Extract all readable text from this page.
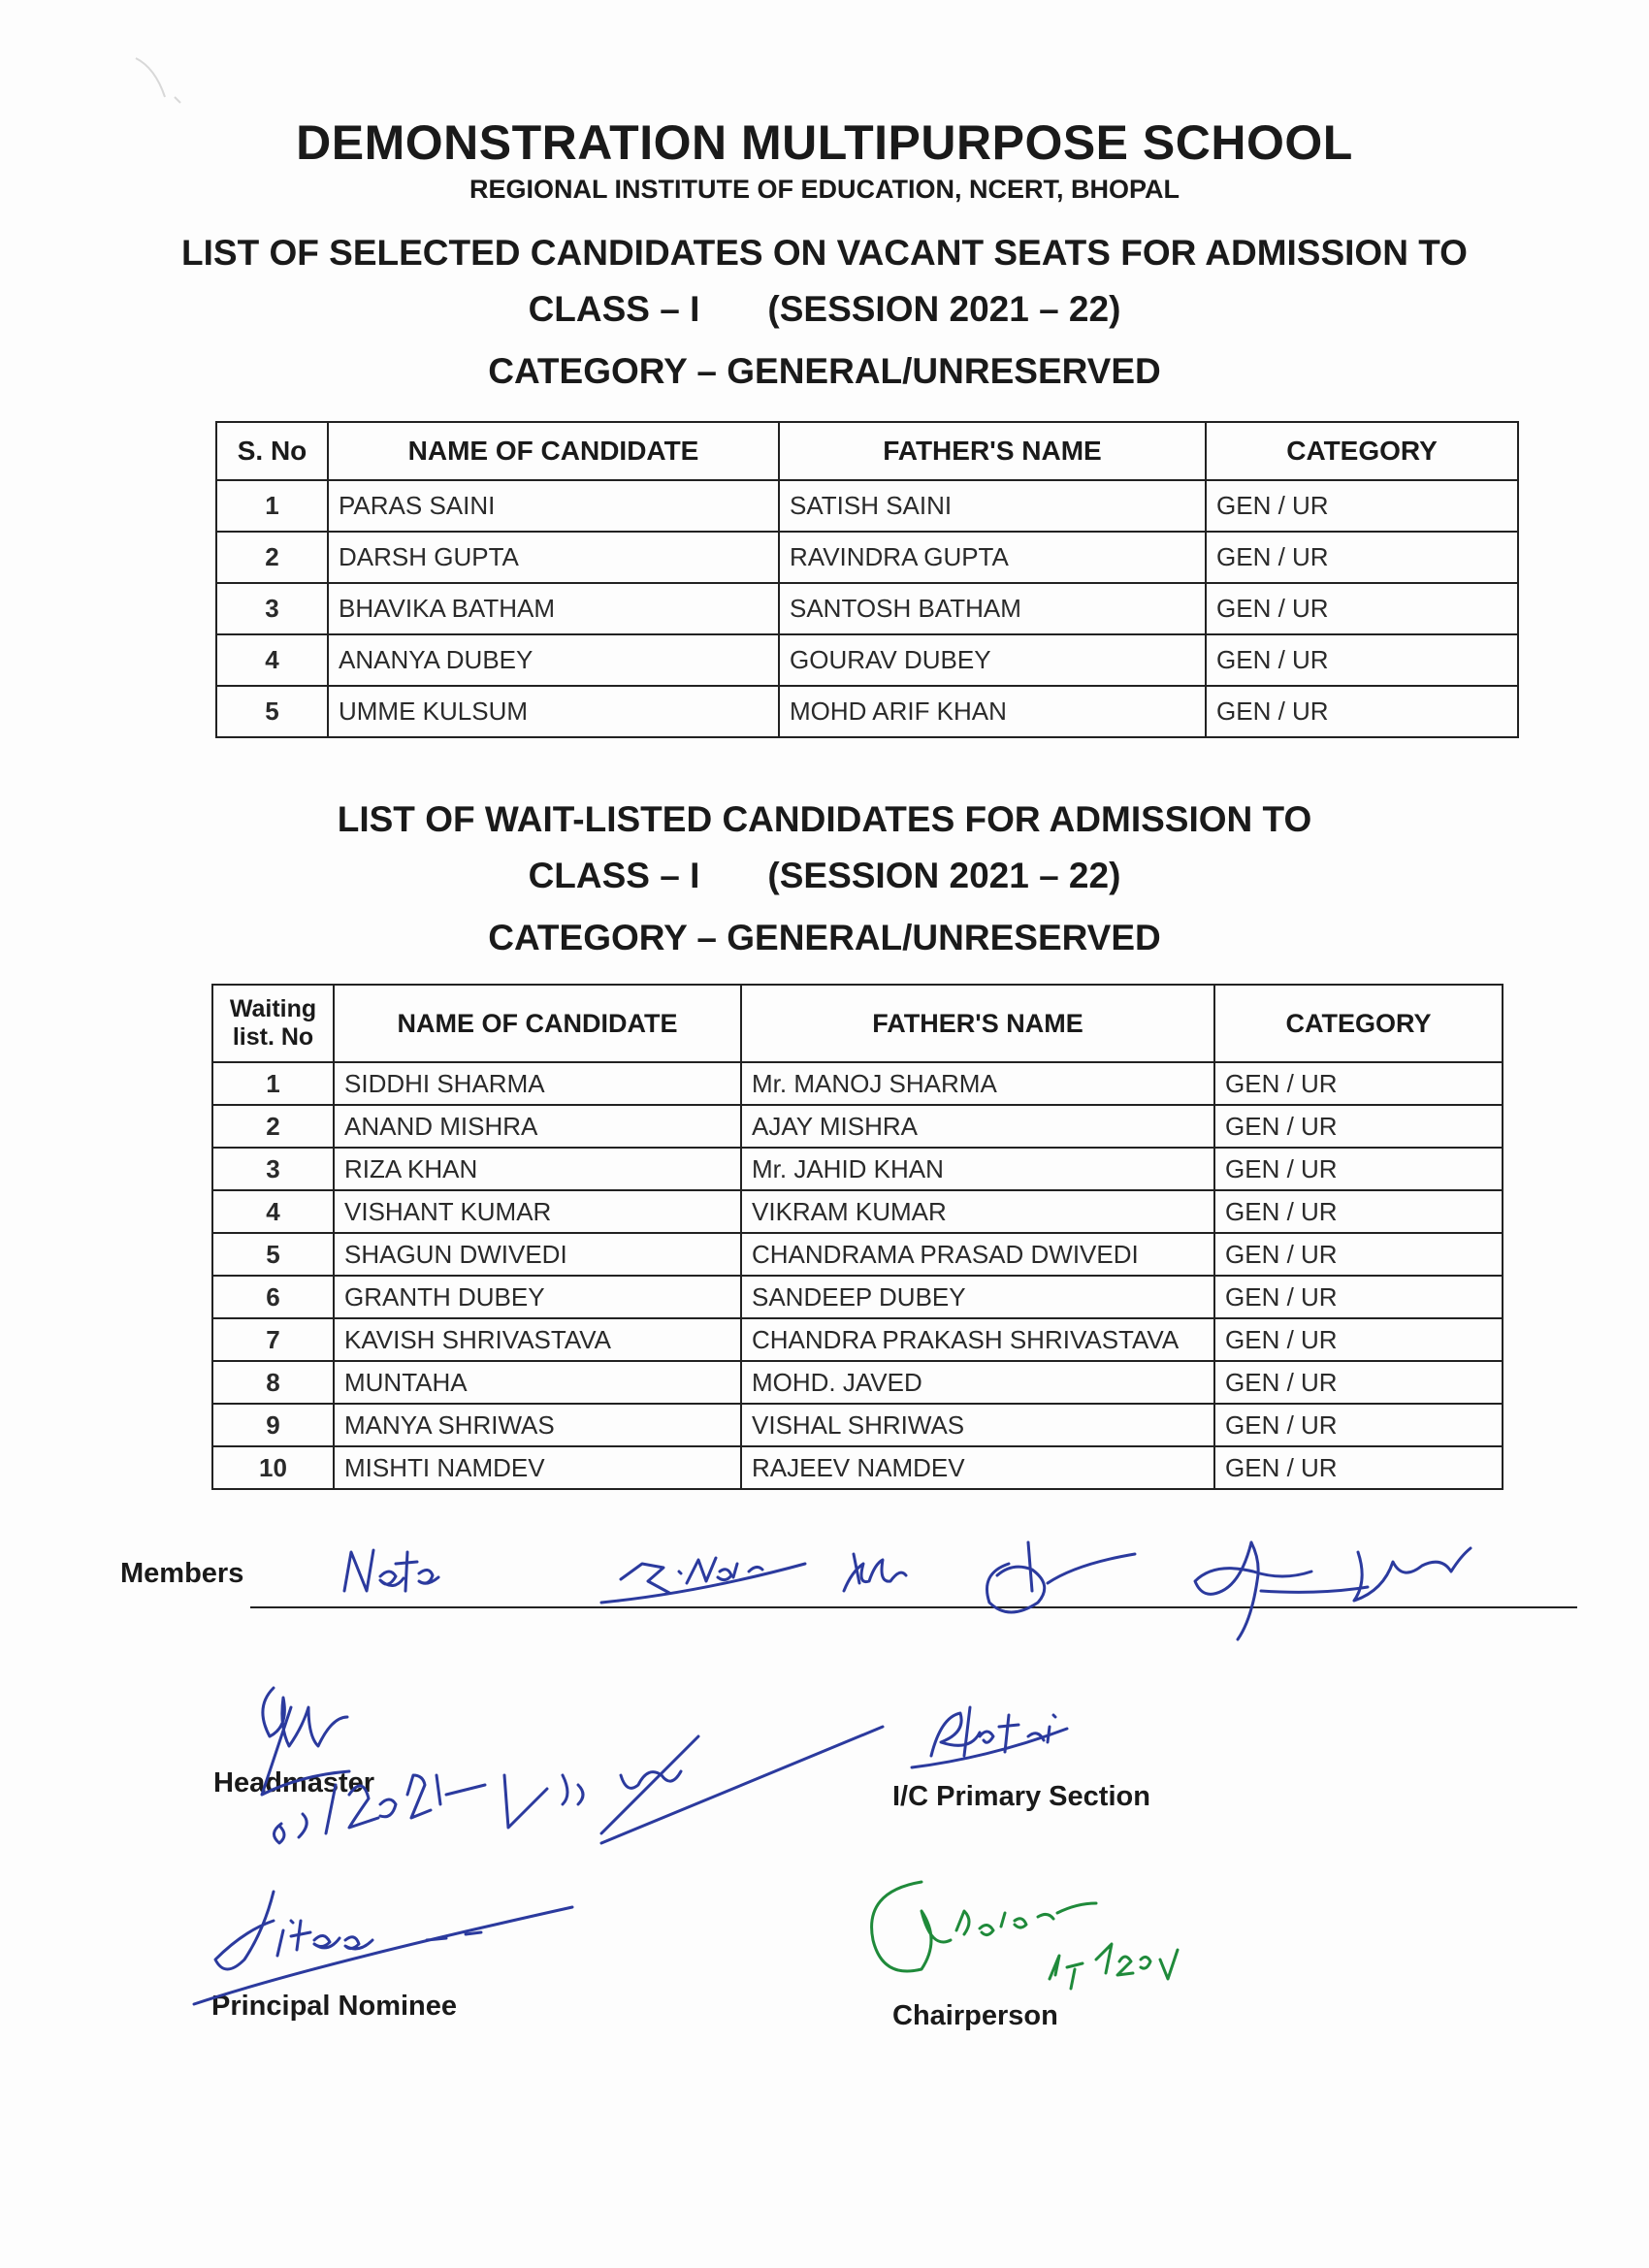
DEMONSTRATION MULTIPURPOSE SCHOOL
REGIONAL INSTITUTE OF EDUCATION, NCERT, BHOPAL
LIST OF SELECTED CANDIDATES ON VACANT SEATS FOR ADMISSION TO
CLASS – I (SESSION 2021 – 22)
CATEGORY – GENERAL/UNRESERVED
S. No	NAME OF CANDIDATE	FATHER'S NAME	CATEGORY
1	PARAS SAINI	SATISH SAINI	GEN / UR
2	DARSH GUPTA	RAVINDRA GUPTA	GEN / UR
3	BHAVIKA BATHAM	SANTOSH BATHAM	GEN / UR
4	ANANYA DUBEY	GOURAV DUBEY	GEN / UR
5	UMME KULSUM	MOHD ARIF KHAN	GEN / UR
LIST OF WAIT-LISTED CANDIDATES FOR ADMISSION TO
CLASS – I (SESSION 2021 – 22)
CATEGORY – GENERAL/UNRESERVED
Waiting
list. No	NAME OF CANDIDATE	FATHER'S NAME	CATEGORY
1	SIDDHI SHARMA	Mr. MANOJ SHARMA	GEN / UR
2	ANAND MISHRA	AJAY MISHRA	GEN / UR
3	RIZA KHAN	Mr. JAHID KHAN	GEN / UR
4	VISHANT KUMAR	VIKRAM KUMAR	GEN / UR
5	SHAGUN DWIVEDI	CHANDRAMA PRASAD DWIVEDI	GEN / UR
6	GRANTH DUBEY	SANDEEP DUBEY	GEN / UR
7	KAVISH SHRIVASTAVA	CHANDRA PRAKASH SHRIVASTAVA	GEN / UR
8	MUNTAHA	MOHD. JAVED	GEN / UR
9	MANYA SHRIWAS	VISHAL SHRIWAS	GEN / UR
10	MISHTI NAMDEV	RAJEEV NAMDEV	GEN / UR
Members
Headmaster	I/C Primary Section
Principal Nominee	Chairperson
